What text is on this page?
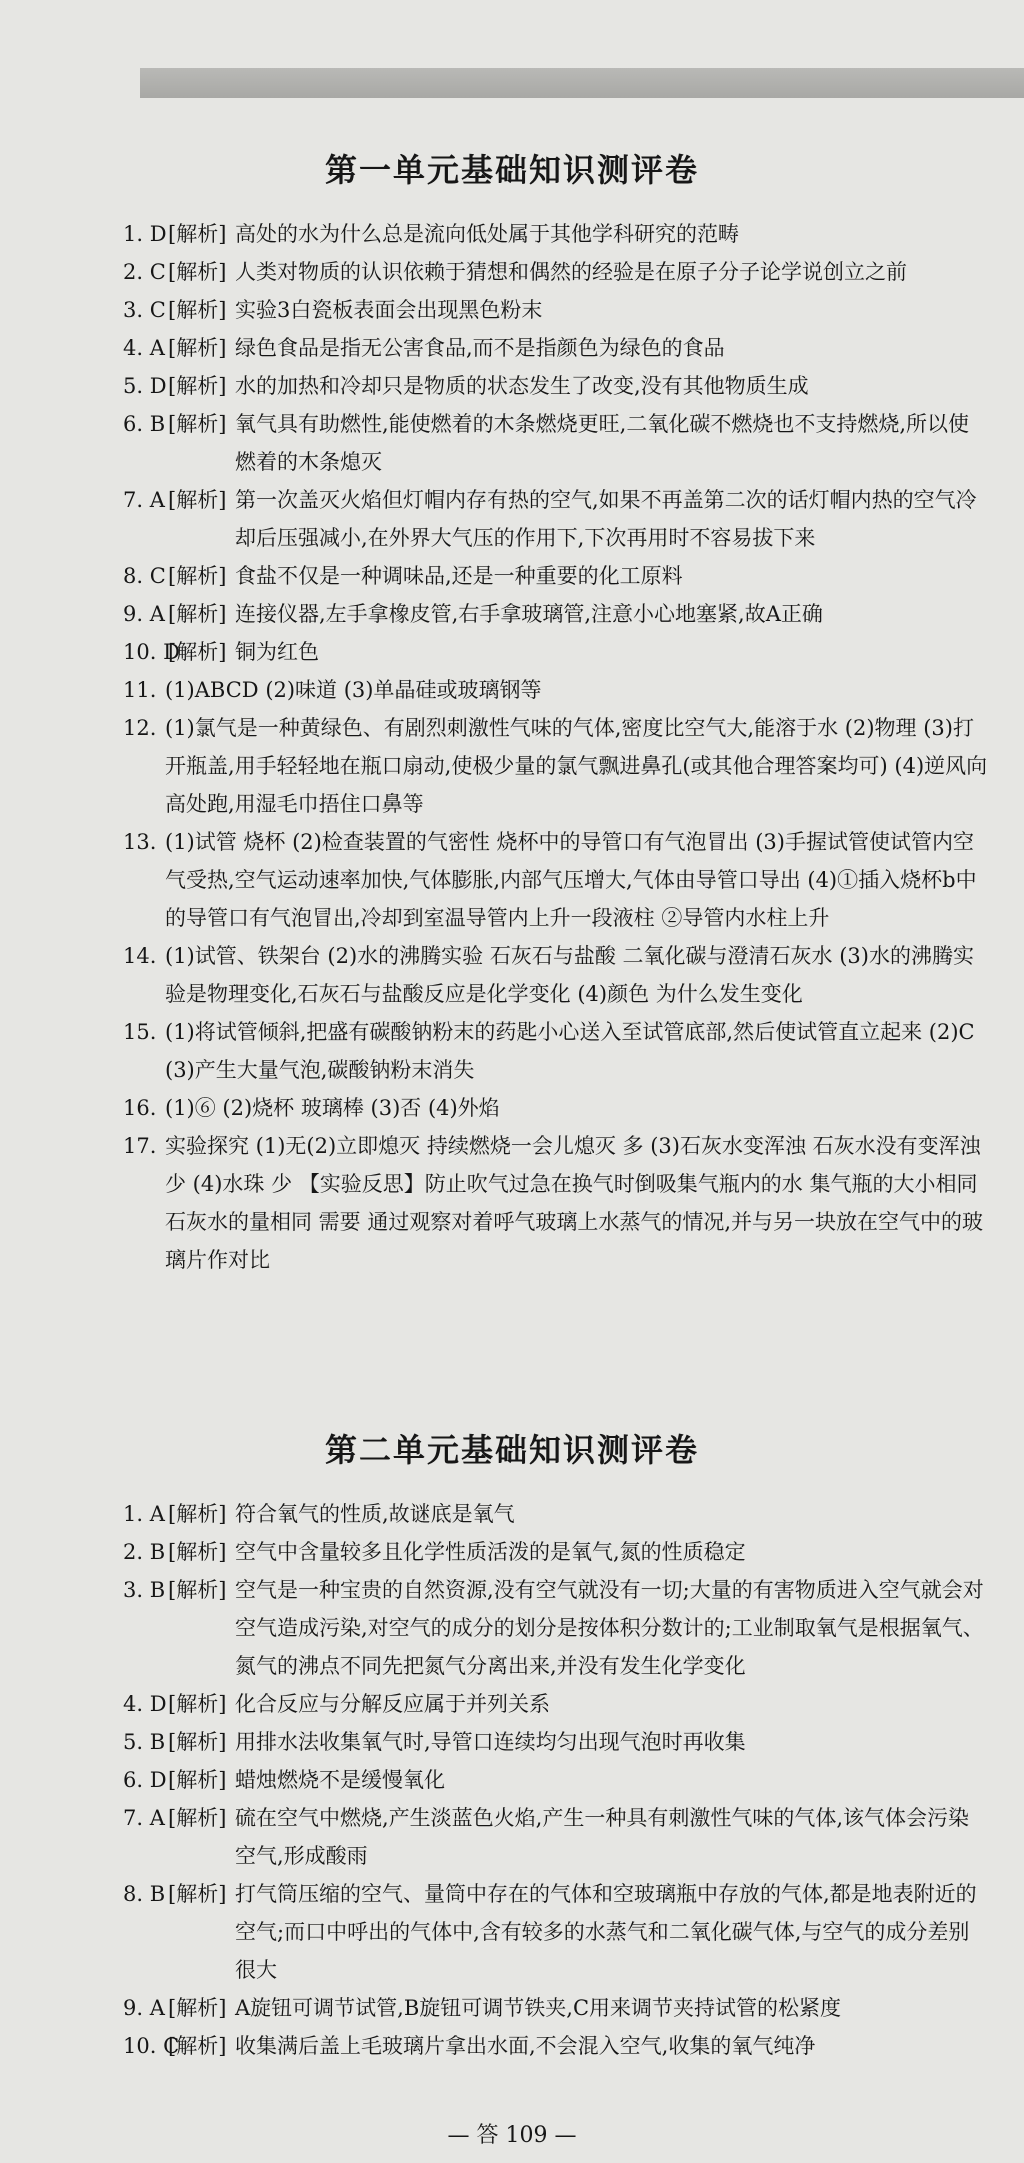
第一单元基础知识测评卷
1. D [解析] 高处的水为什么总是流向低处属于其他学科研究的范畴
2. C [解析] 人类对物质的认识依赖于猜想和偶然的经验是在原子分子论学说创立之前
3. C [解析] 实验3白瓷板表面会出现黑色粉末
4. A [解析] 绿色食品是指无公害食品,而不是指颜色为绿色的食品
5. D [解析] 水的加热和冷却只是物质的状态发生了改变,没有其他物质生成
6. B [解析] 氧气具有助燃性,能使燃着的木条燃烧更旺,二氧化碳不燃烧也不支持燃烧,所以使燃着的木条熄灭
7. A [解析] 第一次盖灭火焰但灯帽内存有热的空气,如果不再盖第二次的话灯帽内热的空气冷却后压强减小,在外界大气压的作用下,下次再用时不容易拔下来
8. C [解析] 食盐不仅是一种调味品,还是一种重要的化工原料
9. A [解析] 连接仪器,左手拿橡皮管,右手拿玻璃管,注意小心地塞紧,故A正确
10. D
[解析] 铜为红色
11. (1)ABCD (2)味道 (3)单晶硅或玻璃钢等
12. (1)氯气是一种黄绿色、有剧烈刺激性气味的气体,密度比空气大,能溶于水 (2)物理 (3)打开瓶盖,用手轻轻地在瓶口扇动,使极少量的氯气飘进鼻孔(或其他合理答案均可) (4)逆风向高处跑,用湿毛巾捂住口鼻等
13. (1)试管 烧杯 (2)检查装置的气密性 烧杯中的导管口有气泡冒出 (3)手握试管使试管内空气受热,空气运动速率加快,气体膨胀,内部气压增大,气体由导管口导出 (4)①插入烧杯b中的导管口有气泡冒出,冷却到室温导管内上升一段液柱 ②导管内水柱上升
14. (1)试管、铁架台 (2)水的沸腾实验 石灰石与盐酸 二氧化碳与澄清石灰水 (3)水的沸腾实验是物理变化,石灰石与盐酸反应是化学变化 (4)颜色 为什么发生变化
15. (1)将试管倾斜,把盛有碳酸钠粉末的药匙小心送入至试管底部,然后使试管直立起来 (2)C (3)产生大量气泡,碳酸钠粉末消失
16. (1)⑥ (2)烧杯 玻璃棒 (3)否 (4)外焰
17. 实验探究 (1)无(2)立即熄灭 持续燃烧一会儿熄灭 多 (3)石灰水变浑浊 石灰水没有变浑浊 少 (4)水珠 少 【实验反思】防止吹气过急在换气时倒吸集气瓶内的水 集气瓶的大小相同 石灰水的量相同 需要 通过观察对着呼气玻璃上水蒸气的情况,并与另一块放在空气中的玻璃片作对比
第二单元基础知识测评卷
1. A [解析] 符合氧气的性质,故谜底是氧气
2. B [解析] 空气中含量较多且化学性质活泼的是氧气,氮的性质稳定
3. B [解析] 空气是一种宝贵的自然资源,没有空气就没有一切;大量的有害物质进入空气就会对空气造成污染,对空气的成分的划分是按体积分数计的;工业制取氧气是根据氧气、氮气的沸点不同先把氮气分离出来,并没有发生化学变化
4. D [解析] 化合反应与分解反应属于并列关系
5. B [解析] 用排水法收集氧气时,导管口连续均匀出现气泡时再收集
6. D [解析] 蜡烛燃烧不是缓慢氧化
7. A [解析] 硫在空气中燃烧,产生淡蓝色火焰,产生一种具有刺激性气味的气体,该气体会污染空气,形成酸雨
8. B [解析] 打气筒压缩的空气、量筒中存在的气体和空玻璃瓶中存放的气体,都是地表附近的空气;而口中呼出的气体中,含有较多的水蒸气和二氧化碳气体,与空气的成分差别很大
9. A [解析] A旋钮可调节试管,B旋钮可调节铁夹,C用来调节夹持试管的松紧度
10. C
[解析] 收集满后盖上毛玻璃片拿出水面,不会混入空气,收集的氧气纯净
— 答 109 —
